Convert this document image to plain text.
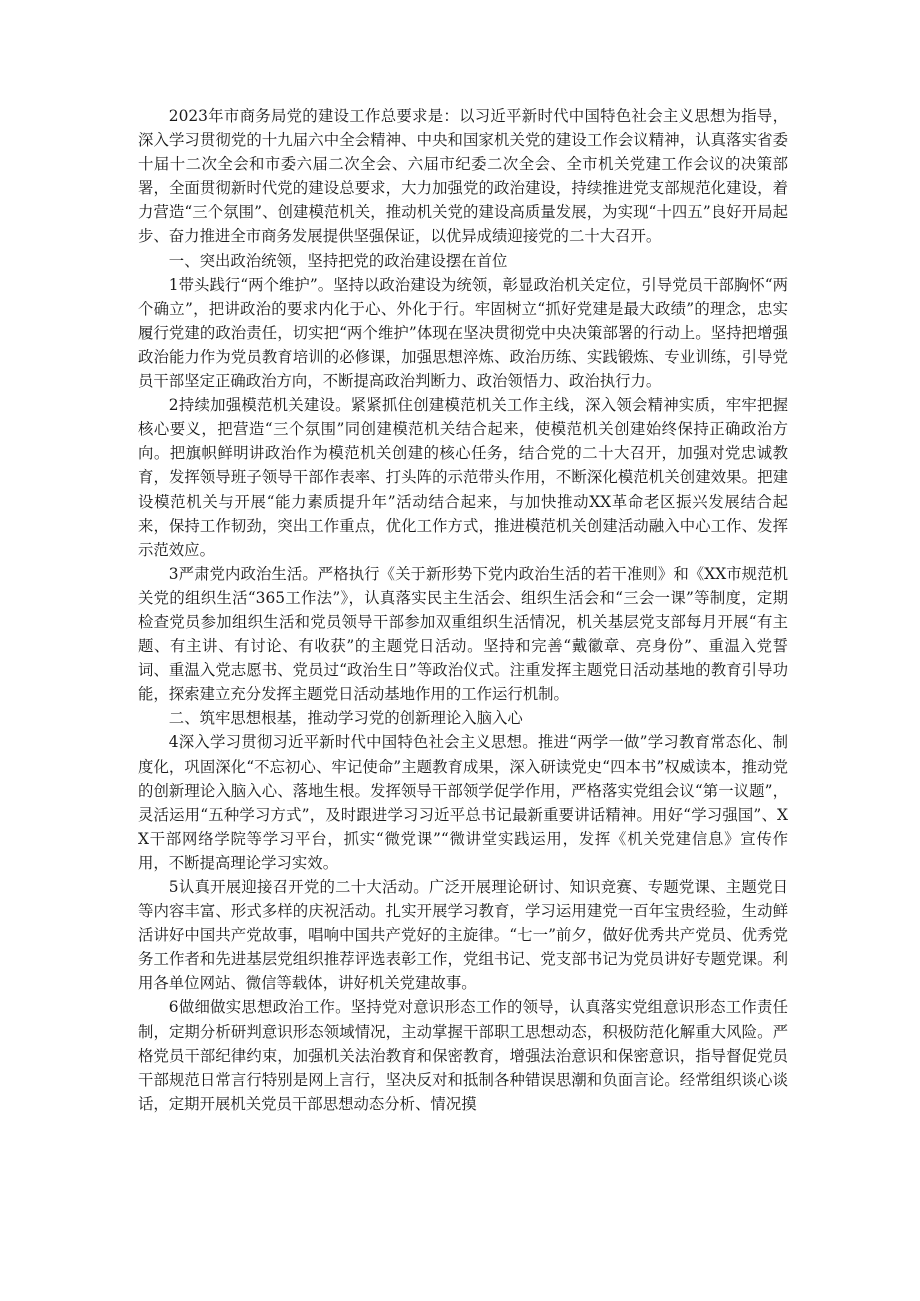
2023年市商务局党的建设工作总要求是：以习近平新时代中国特色社会主义思想为指导，深入学习贯彻党的十九届六中全会精神、中央和国家机关党的建设工作会议精神，认真落实省委十届十二次全会和市委六届二次全会、六届市纪委二次全会、全市机关党建工作会议的决策部署，全面贯彻新时代党的建设总要求，大力加强党的政治建设，持续推进党支部规范化建设，着力营造“三个氛围”、创建模范机关，推动机关党的建设高质量发展，为实现“十四五”良好开局起步、奋力推进全市商务发展提供坚强保证，以优异成绩迎接党的二十大召开。

一、突出政治统领，坚持把党的政治建设摆在首位

1带头践行“两个维护”。坚持以政治建设为统领，彰显政治机关定位，引导党员干部胸怀“两个确立”，把讲政治的要求内化于心、外化于行。牢固树立“抓好党建是最大政绩”的理念，忠实履行党建的政治责任，切实把“两个维护”体现在坚决贯彻党中央决策部署的行动上。坚持把增强政治能力作为党员教育培训的必修课，加强思想淬炼、政治历练、实践锻炼、专业训练，引导党员干部坚定正确政治方向，不断提高政治判断力、政治领悟力、政治执行力。

2持续加强模范机关建设。紧紧抓住创建模范机关工作主线，深入领会精神实质，牢牢把握核心要义，把营造“三个氛围”同创建模范机关结合起来，使模范机关创建始终保持正确政治方向。把旗帜鲜明讲政治作为模范机关创建的核心任务，结合党的二十大召开，加强对党忠诚教育，发挥领导班子领导干部作表率、打头阵的示范带头作用，不断深化模范机关创建效果。把建设模范机关与开展“能力素质提升年”活动结合起来，与加快推动XX革命老区振兴发展结合起来，保持工作韧劲，突出工作重点，优化工作方式，推进模范机关创建活动融入中心工作、发挥示范效应。

3严肃党内政治生活。严格执行《关于新形势下党内政治生活的若干准则》和《XX市规范机关党的组织生活“365工作法”》，认真落实民主生活会、组织生活会和“三会一课”等制度，定期检查党员参加组织生活和党员领导干部参加双重组织生活情况，机关基层党支部每月开展“有主题、有主讲、有讨论、有收获”的主题党日活动。坚持和完善“戴徽章、亮身份”、重温入党誓词、重温入党志愿书、党员过“政治生日”等政治仪式。注重发挥主题党日活动基地的教育引导功能，探索建立充分发挥主题党日活动基地作用的工作运行机制。

二、筑牢思想根基，推动学习党的创新理论入脑入心

4深入学习贯彻习近平新时代中国特色社会主义思想。推进“两学一做”学习教育常态化、制度化，巩固深化“不忘初心、牢记使命”主题教育成果，深入研读党史“四本书”权威读本，推动党的创新理论入脑入心、落地生根。发挥领导干部领学促学作用，严格落实党组会议“第一议题”，灵活运用“五种学习方式”，及时跟进学习习近平总书记最新重要讲话精神。用好“学习强国”、XX干部网络学院等学习平台，抓实“微党课”“微讲堂实践运用，发挥《机关党建信息》宣传作用，不断提高理论学习实效。

5认真开展迎接召开党的二十大活动。广泛开展理论研讨、知识竞赛、专题党课、主题党日等内容丰富、形式多样的庆祝活动。扎实开展学习教育，学习运用建党一百年宝贵经验，生动鲜活讲好中国共产党故事，唱响中国共产党好的主旋律。“七一”前夕，做好优秀共产党员、优秀党务工作者和先进基层党组织推荐评选表彰工作，党组书记、党支部书记为党员讲好专题党课。利用各单位网站、微信等载体，讲好机关党建故事。

6做细做实思想政治工作。坚持党对意识形态工作的领导，认真落实党组意识形态工作责任制，定期分析研判意识形态领域情况，主动掌握干部职工思想动态，积极防范化解重大风险。严格党员干部纪律约束，加强机关法治教育和保密教育，增强法治意识和保密意识，指导督促党员干部规范日常言行特别是网上言行，坚决反对和抵制各种错误思潮和负面言论。经常组织谈心谈话，定期开展机关党员干部思想动态分析、情况摸
